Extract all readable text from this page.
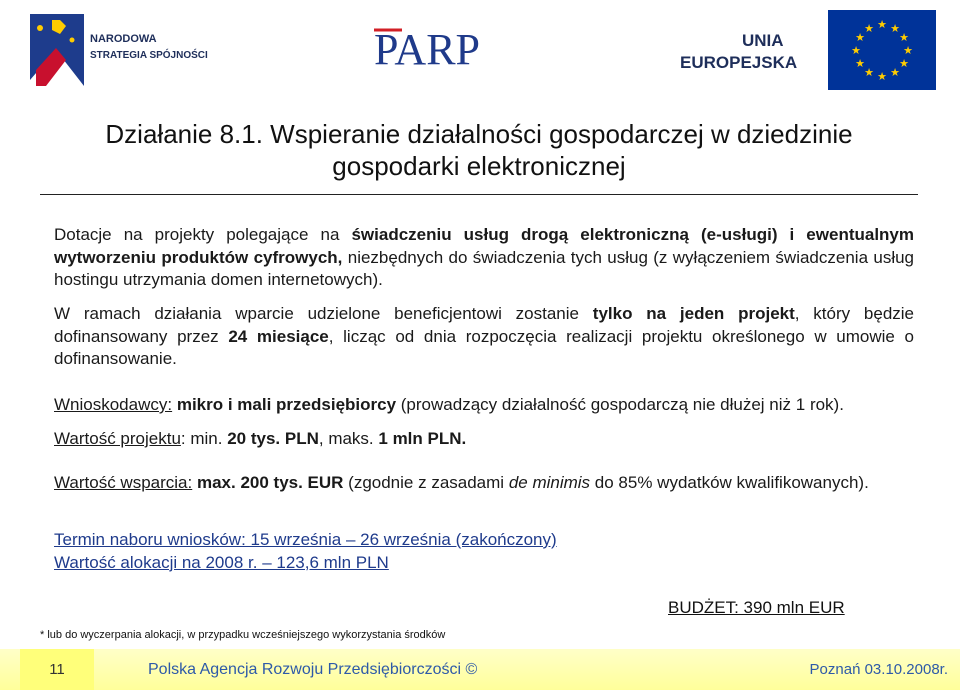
NARODOWA
STRATEGIA SPÓJNOŚCI	PARP	UNIA
EUROPEJSKA
★ ★
★
★
★
★
★
★
★
★
★
★
Działanie 8.1. Wspieranie działalności gospodarczej w dziedzinie
gospodarki elektronicznej
Dotacje na projekty polegające na świadczeniu usług drogą elektroniczną (e-usługi) i ewentualnym wytworzeniu produktów cyfrowych, niezbędnych do świadczenia tych usług (z wyłączeniem świadczenia usług hostingu utrzymania domen internetowych).
W ramach działania wparcie udzielone beneficjentowi zostanie tylko na jeden projekt, który będzie dofinansowany przez 24 miesiące, licząc od dnia rozpoczęcia realizacji projektu określonego w umowie o dofinansowanie.
Wnioskodawcy: mikro i mali przedsiębiorcy (prowadzący działalność gospodarczą nie dłużej niż 1 rok).
Wartość projektu: min. 20 tys. PLN, maks. 1 mln PLN.
Wartość wsparcia: max. 200 tys. EUR (zgodnie z zasadami de minimis do 85% wydatków kwalifikowanych).
Termin naboru wniosków: 15 września – 26 września (zakończony)
Wartość alokacji na 2008 r. – 123,6 mln PLN
BUDŻET: 390 mln EUR
* lub do wyczerpania alokacji, w przypadku wcześniejszego wykorzystania środków
11	Polska Agencja Rozwoju Przedsiębiorczości ©	Poznań 03.10.2008r.
